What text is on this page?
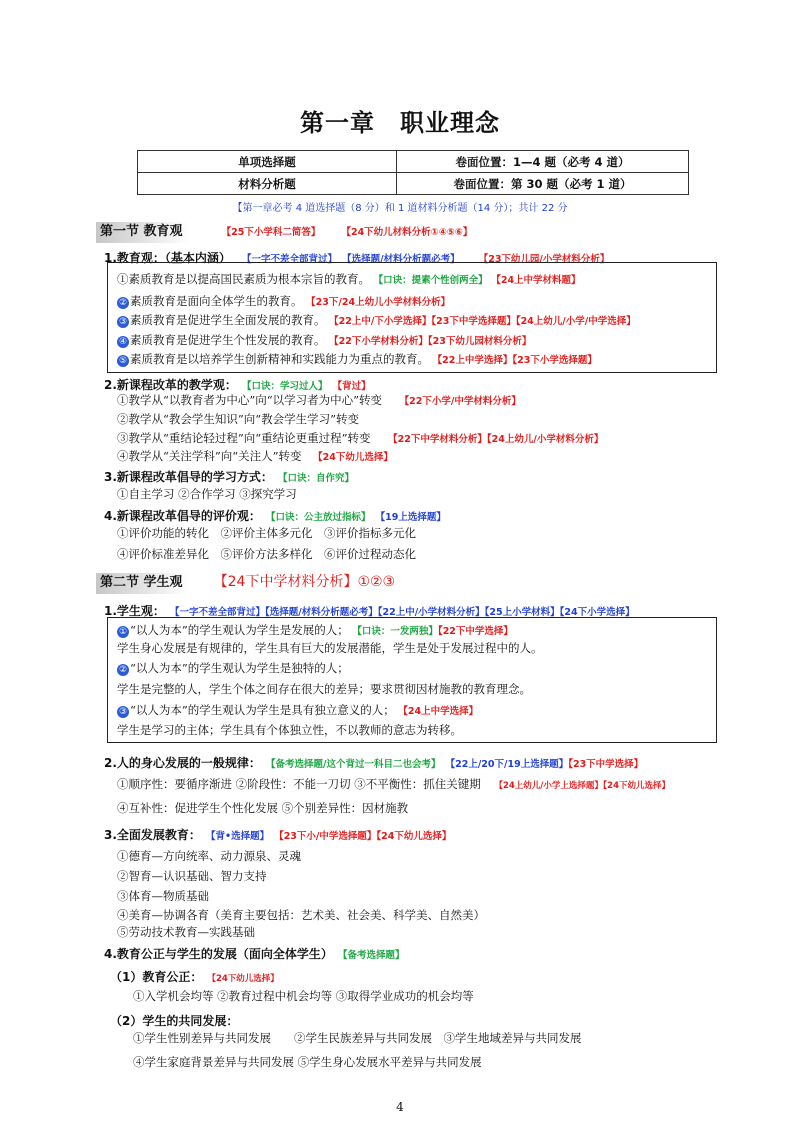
第一章　职业理念
单项选择题	卷面位置：1—4 题（必考 4 道）
材料分析题	卷面位置：第 30 题（必考 1 道）
【第一章必考 4 道选择题（8 分）和 1 道材料分析题（14 分）；共计 22 分
第一节 教育观	【25下小学科二简答】 【24下幼儿材料分析①④⑤⑥】
1.教育观：（基本内涵） 【一字不差全部背过】 【选择题/材料分析题必考】 【23下幼儿园/小学材料分析】
①素质教育是以提高国民素质为根本宗旨的教育。 【口诀：提素个性创两全】 【24上中学材料题】
② 素质教育是面向全体学生的教育。 【23下/24上幼儿小学材料分析】
③ 素质教育是促进学生全面发展的教育。 【22上中/下小学选择】【23下中学选择题】【24上幼儿/小学/中学选择】
④ 素质教育是促进学生个性发展的教育。 【22下小学材料分析】【23下幼儿园材料分析】
⑤ 素质教育是以培养学生创新精神和实践能力为重点的教育。 【22上中学选择】【23下小学选择题】
2.新课程改革的教学观： 【口诀：学习过人】 【背过】
①教学从“以教育者为中心”向“以学习者为中心”转变 【22下小学/中学材料分析】
②教学从“教会学生知识”向“教会学生学习”转变
③教学从“重结论轻过程”向“重结论更重过程”转变 【22下中学材料分析】【24上幼儿/小学材料分析】
④教学从“关注学科”向“关注人”转变 【24下幼儿选择】
3.新课程改革倡导的学习方式： 【口诀：自作究】
①自主学习 ②合作学习 ③探究学习
4.新课程改革倡导的评价观： 【口诀：公主放过指标】 【19上选择题】
①评价功能的转化　②评价主体多元化　③评价指标多元化
④评价标准差异化　⑤评价方法多样化　⑥评价过程动态化
第二节 学生观 【24下中学材料分析】①②③
1.学生观： 【一字不差全部背过】【选择题/材料分析题必考】【22上中/小学材料分析】【25上小学材料】【24下小学选择】
① “以人为本”的学生观认为学生是发展的人； 【口诀：一发两独】【22下中学选择】
学生身心发展是有规律的，学生具有巨大的发展潜能，学生是处于发展过程中的人。
② “以人为本”的学生观认为学生是独特的人；
学生是完整的人，学生个体之间存在很大的差异；要求贯彻因材施教的教育理念。
③ “以人为本”的学生观认为学生是具有独立意义的人； 【24上中学选择】
学生是学习的主体；学生具有个体独立性，不以教师的意志为转移。
2.人的身心发展的一般规律： 【备考选择题/这个背过一科目二也会考】 【22上/20下/19上选择题】【23下中学选择】
①顺序性：要循序渐进 ②阶段性：不能一刀切 ③不平衡性：抓住关键期 【24上幼儿/小学上选择题】【24下幼儿选择】
④互补性：促进学生个性化发展 ⑤个别差异性：因材施教
3.全面发展教育： 【背•选择题】 【23下小/中学选择题】【24下幼儿选择】
①德育—方向统率、动力源泉、灵魂
②智育—认识基础、智力支持
③体育—物质基础
④美育—协调各育（美育主要包括：艺术美、社会美、科学美、自然美）
⑤劳动技术教育—实践基础
4.教育公正与学生的发展（面向全体学生） 【备考选择题】
（1）教育公正： 【24下幼儿选择】
①入学机会均等 ②教育过程中机会均等 ③取得学业成功的机会均等
（2）学生的共同发展：
①学生性别差异与共同发展　　②学生民族差异与共同发展　③学生地域差异与共同发展
④学生家庭背景差异与共同发展 ⑤学生身心发展水平差异与共同发展
4
